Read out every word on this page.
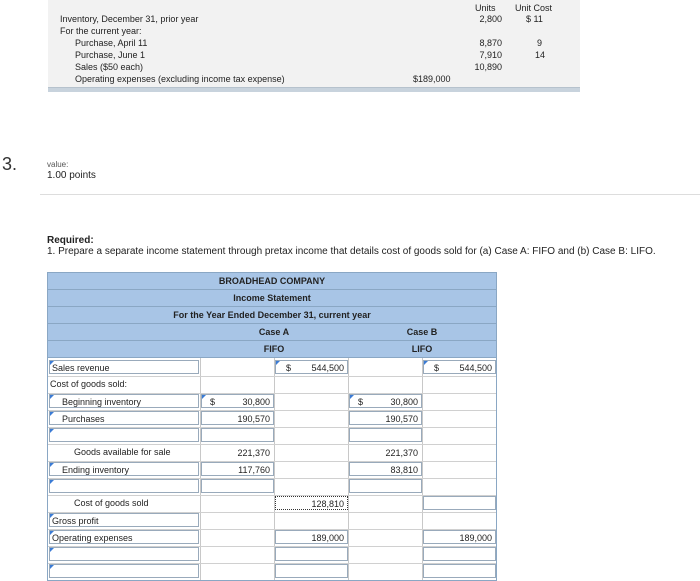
Units Unit Cost
Inventory, December 31, prior year	2,800	$ 11
For the current year:
Purchase, April 11	8,870	9
Purchase, June 1	7,910	14
Sales ($50 each)	10,890
Operating expenses (excluding income tax expense)	$189,000
3.	value:
1.00 points
Required:
1. Prepare a separate income statement through pretax income that details cost of goods sold for (a) Case A: FIFO and (b) Case B: LIFO.
BROADHEAD COMPANY
Income Statement
For the Year Ended December 31, current year
Case A	Case B
FIFO	LIFO
Sales revenue	$ 544,500	$ 544,500
Cost of goods sold:
Beginning inventory	$	30,800	$	30,800
Purchases	190,570	190,570
Goods available for sale	221,370	221,370
Ending inventory	117,760	83,810
Cost of goods sold	128,810
Gross profit
Operating expenses	189,000	189,000
